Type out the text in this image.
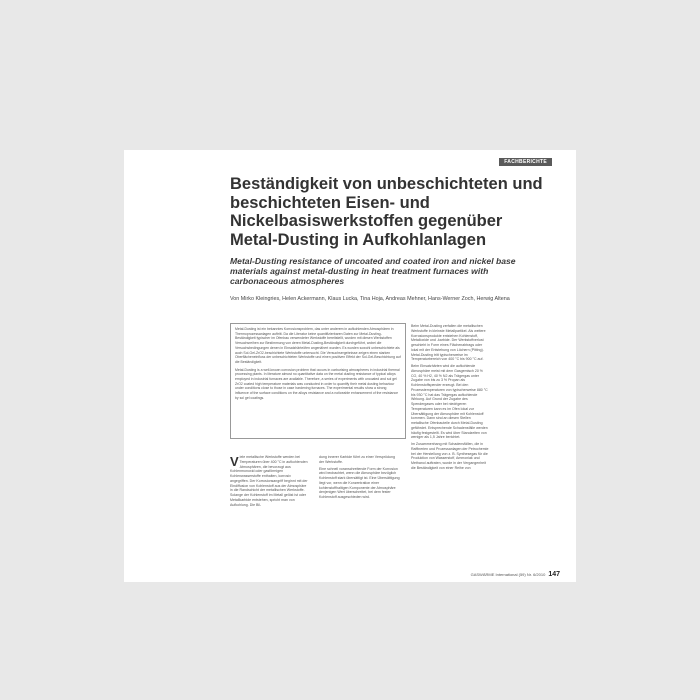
FACHBERICHTE
Beständigkeit von unbeschichteten und beschichteten Eisen- und Nickelbasiswerkstoffen gegenüber Metal-Dusting in Aufkohlanlagen
Metal-Dusting resistance of uncoated and coated iron and nickel base materials against metal-dusting in heat treatment furnaces with carbonaceous atmospheres
Von Mirko Kleingries, Helen Ackermann, Klaus Lucka, Tina Hoja, Andreas Mehner, Hans-Werner Zoch, Herwig Altena

Metal-Dusting ist ein bekanntes Korrosionsproblem, das unter anderem in aufkohlenden Atmosphären in Thermoprozessanlagen auftritt. Da die Literatur keine quantifizierbaren Daten zur Metal-Dusting-Beständigkeit typischer im Ofenbau verwendeter Werkstoffe bereitstellt, wurden mit diesen Werkstoffen Versuchsreihen zur Bestimmung von deren Metal-Dusting-Beständigkeit durchgeführt, wobei die Versuchsbedingungen denen in Einsatzhärteöfen angenähert wurden. Es wurden sowohl unbeschichtete als auch Sol-Gel-ZrO2-beschichtete Werkstoffe untersucht. Die Versuchsergebnisse zeigen einen starken Oberflächeneinfluss der unbeschichteten Werkstoffe und einen positiven Effekt der Sol-Gel-Beschichtung auf die Beständigkeit.

Metal-Dusting is a well-known corrosion problem that occurs in carburising atmospheres in industrial thermal processing plants. In literature almost no quantitative data on the metal dusting resistance of typical alloys employed in industrial furnaces are available. Therefore, a series of experiments with uncoated and sol gel ZrO2 coated high temperature materials was conducted in order to quantify their metal dusting behaviour under conditions close to those in case hardening furnaces. The experimental results show a strong influence of the surface conditions on the alloys resistance and a noticeable enhancement of the resistance by sol gel coatings.

Viele metallische Werkstoffe werden bei Temperaturen über 400 °C in aufkohlenden Atmosphären, die bevorzugt aus Kohlenmonoxid oder gasförmigen Kohlenwasserstoffe enthalten, korrosiv angegriffen. Der Korrosionsangriff beginnt mit der Eindiffusion von Kohlenstoff aus der Atmosphäre in die Randschicht der metallischen Werkstoffe. Solange der Kohlenstoff im Metall gelöst ist oder Metallkarbide entstehen, spricht man von Aufkohlung. Die Bil-

dung innerer Karbide führt zu einer Versprödung der Werkstoffe.

Eine schnell voranschreitende Form der Korrosion wird beobachtet, wenn die Atmosphäre bezüglich Kohlenstoff stark übersättigt ist. Eine Übersättigung liegt vor, wenn die Konzentration einer kohlenstoffhaltigen Komponente der Atmosphäre denjenigen Wert überschreitet, bei dem fester Kohlenstoff ausgeschieden wird.

Beim Metal-Dusting zerfallen die metallischen Werkstoffe in kleinste Metallpartikel. Als weitere Korrosionsprodukte entstehen Kohlenstoff, Metalloxide und -karbide. Der Werkstoffverlust geschieht in Form eines Flächenabtrags oder lokal mit der Entstehung von Löchern (Pitting). Metal-Dusting tritt typischerweise im Temperaturbereich von 400 °C bis 900 °C auf.

Beim Einsatzhärten wird die aufkohlende Atmosphäre meist mit dem Gasgemisch 20 % CO, 40 % H2, 40 % N2 als Trägergas unter Zugabe von bis zu 3 % Propan als Kohlenstoffspender erzeugt. Bei den Prozesstemperaturen von typischerweise 880 °C bis 930 °C hat das Trägergas aufkohlende Wirkung. Auf Grund der Zugabe des Spendergases oder bei niedrigeren Temperaturen kann es im Ofen lokal zur Übersättigung der Atmosphäre mit Kohlenstoff kommen. Dann sind an diesen Stellen metallische Ofenbauteile durch Metal-Dusting gefährdet. Entsprechende Schadensfälle werden häufig festgestellt. Es wird über Standzeiten von weniger als 1,5 Jahre berichtet.

Im Zusammenhang mit Schadensfällen, die in Raffinerien und Prozessanlagen der Petrochemie bei der Herstellung von z. B. Synthesegas für die Produktion von Wasserstoff, Ammoniak und Methanol auftraten, wurde in der Vergangenheit die Beständigkeit von einer Reihe von

GASWÄRME International (59) Nr. 6/2010 147
